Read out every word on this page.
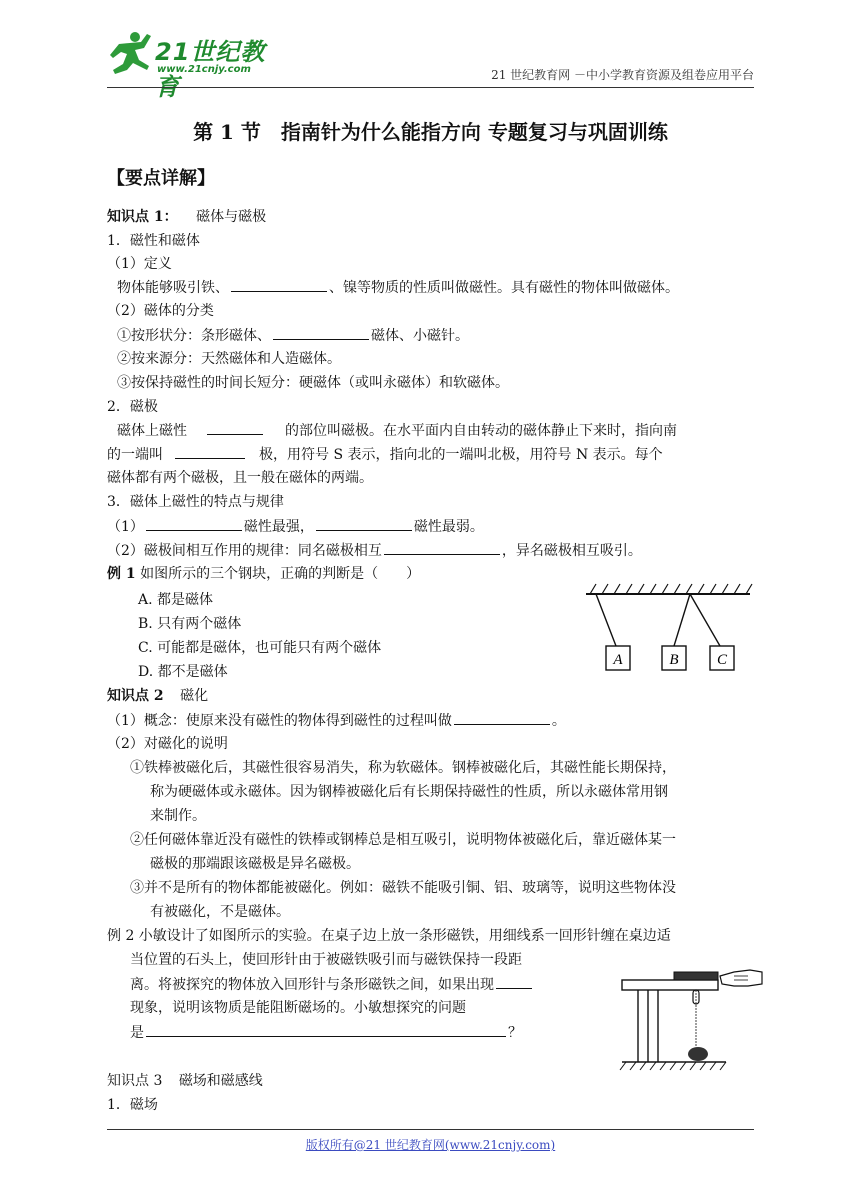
21世纪教育
www.21cnjy.com	21 世纪教育网 －中小学教育资源及组卷应用平台
第 1 节　指南针为什么能指方向 专题复习与巩固训练
【要点详解】
知识点 1： 磁体与磁极
1．磁性和磁体
（1）定义
物体能够吸引铁、	、镍等物质的性质叫做磁性。具有磁性的物体叫做磁体。
（2）磁体的分类
①按形状分：条形磁体、	磁体、小磁针。
②按来源分：天然磁体和人造磁体。
③按保持磁性的时间长短分：硬磁体（或叫永磁体）和软磁体。
2．磁极
磁体上磁性	的部位叫磁极。在水平面内自由转动的磁体静止下来时，指向南
的一端叫	极，用符号 S 表示，指向北的一端叫北极，用符号 N 表示。每个
磁体都有两个磁极，且一般在磁体的两端。
3．磁体上磁性的特点与规律
（1）	磁性最强，	磁性最弱。
（2）磁极间相互作用的规律：同名磁极相互	，异名磁极相互吸引。
例 1 如图所示的三个钢块，正确的判断是（　　）
A. 都是磁体
B. 只有两个磁体
C. 可能都是磁体，也可能只有两个磁体
D. 都不是磁体
A	B	C
知识点 2 磁化
（1）概念：使原来没有磁性的物体得到磁性的过程叫做	。
（2）对磁化的说明
①铁棒被磁化后，其磁性很容易消失，称为软磁体。钢棒被磁化后，其磁性能长期保持，
称为硬磁体或永磁体。因为钢棒被磁化后有长期保持磁性的性质，所以永磁体常用钢
来制作。
②任何磁体靠近没有磁性的铁棒或钢棒总是相互吸引，说明物体被磁化后，靠近磁体某一
磁极的那端跟该磁极是异名磁极。
③并不是所有的物体都能被磁化。例如：磁铁不能吸引铜、铝、玻璃等，说明这些物体没
有被磁化，不是磁体。
例 2 小敏设计了如图所示的实验。在桌子边上放一条形磁铁，用细线系一回形针缠在桌边适
当位置的石头上，使回形针由于被磁铁吸引而与磁铁保持一段距
离。将被探究的物体放入回形针与条形磁铁之间，如果出现
现象，说明该物质是能阻断磁场的。小敏想探究的问题
是	？
知识点 3 磁场和磁感线
1．磁场
版权所有@21 世纪教育网(www.21cnjy.com)
